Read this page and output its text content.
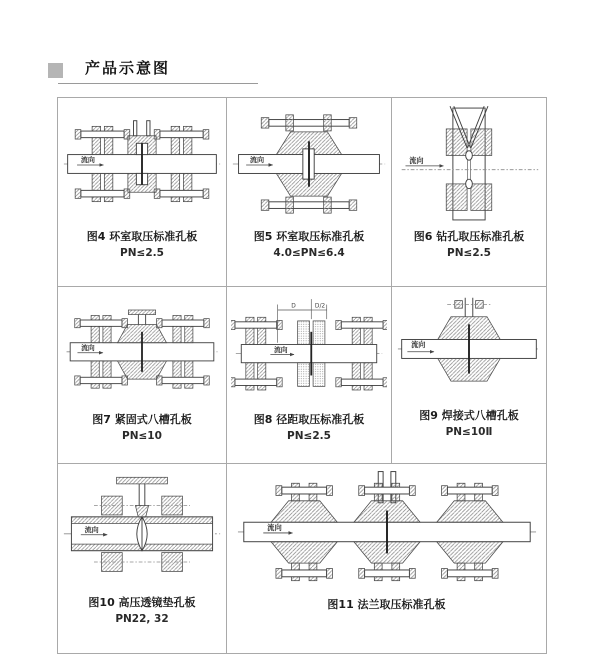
产品示意图
流向
图4 环室取压标准孔板
PN≤2.5
流向
图5 环室取压标准孔板
4.0≤PN≤6.4
流向
图6 钻孔取压标准孔板
PN≤2.5
流向
图7 紧固式八槽孔板
PN≤10
D	D/2
流向
图8 径距取压标准孔板
PN≤2.5
流向
图9 焊接式八槽孔板
PN≤10Ⅱ
流向
图10 高压透镜垫孔板
PN22, 32
流向
图11 法兰取压标准孔板
